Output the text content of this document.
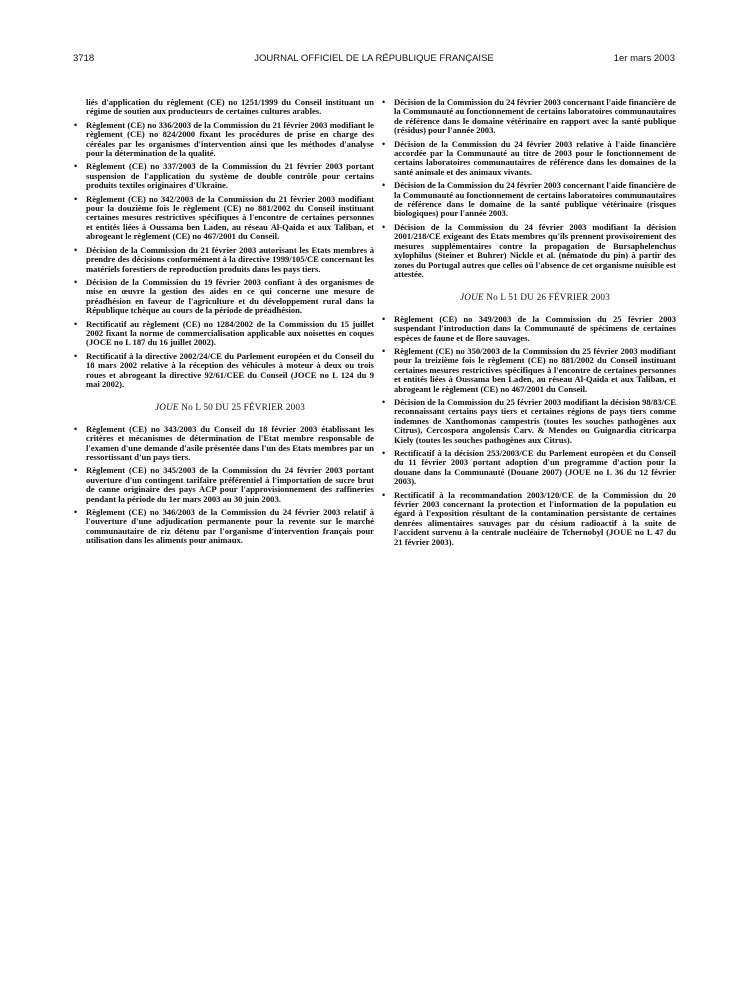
3718	JOURNAL OFFICIEL DE LA RÉPUBLIQUE FRANÇAISE	1er mars 2003

liés d'application du règlement (CE) no 1251/1999 du Conseil instituant un régime de soutien aux producteurs de certaines cultures arables.

• Règlement (CE) no 336/2003 de la Commission du 21 février 2003 modifiant le règlement (CE) no 824/2000 fixant les procédures de prise en charge des céréales par les organismes d'intervention ainsi que les méthodes d'analyse pour la détermination de la qualité.
• Règlement (CE) no 337/2003 de la Commission du 21 février 2003 portant suspension de l'application du système de double contrôle pour certains produits textiles originaires d'Ukraine.
• Règlement (CE) no 342/2003 de la Commission du 21 février 2003 modifiant pour la douzième fois le règlement (CE) no 881/2002 du Conseil instituant certaines mesures restrictives spécifiques à l'encontre de certaines personnes et entités liées à Oussama ben Laden, au réseau Al-Qaida et aux Taliban, et abrogeant le règlement (CE) no 467/2001 du Conseil.
• Décision de la Commission du 21 février 2003 autorisant les Etats membres à prendre des décisions conformément à la directive 1999/105/CE concernant les matériels forestiers de reproduction produits dans les pays tiers.
• Décision de la Commission du 19 février 2003 confiant à des organismes de mise en œuvre la gestion des aides en ce qui concerne une mesure de préadhésion en faveur de l'agriculture et du développement rural dans la République tchèque au cours de la période de préadhésion.
• Rectificatif au règlement (CE) no 1284/2002 de la Commission du 15 juillet 2002 fixant la norme de commercialisation applicable aux noisettes en coques (JOCE no L 187 du 16 juillet 2002).
• Rectificatif à la directive 2002/24/CE du Parlement européen et du Conseil du 18 mars 2002 relative à la réception des véhicules à moteur à deux ou trois roues et abrogeant la directive 92/61/CEE du Conseil (JOCE no L 124 du 9 mai 2002).
JOUE No L 50 DU 25 FÉVRIER 2003
• Règlement (CE) no 343/2003 du Conseil du 18 février 2003 établissant les critères et mécanismes de détermination de l'Etat membre responsable de l'examen d'une demande d'asile présentée dans l'un des Etats membres par un ressortissant d'un pays tiers.
• Règlement (CE) no 345/2003 de la Commission du 24 février 2003 portant ouverture d'un contingent tarifaire préférentiel à l'importation de sucre brut de canne originaire des pays ACP pour l'approvisionnement des raffineries pendant la période du 1er mars 2003 au 30 juin 2003.
• Règlement (CE) no 346/2003 de la Commission du 24 février 2003 relatif à l'ouverture d'une adjudication permanente pour la revente sur le marché communautaire de riz détenu par l'organisme d'intervention français pour utilisation dans les aliments pour animaux.
• Décision de la Commission du 24 février 2003 concernant l'aide financière de la Communauté au fonctionnement de certains laboratoires communautaires de référence dans le domaine vétérinaire en rapport avec la santé publique (résidus) pour l'année 2003.
• Décision de la Commission du 24 février 2003 relative à l'aide financière accordée par la Communauté au titre de 2003 pour le fonctionnement de certains laboratoires communautaires de référence dans les domaines de la santé animale et des animaux vivants.
• Décision de la Commission du 24 février 2003 concernant l'aide financière de la Communauté au fonctionnement de certains laboratoires communautaires de référence dans le domaine de la santé publique vétérinaire (risques biologiques) pour l'année 2003.
• Décision de la Commission du 24 février 2003 modifiant la décision 2001/218/CE exigeant des Etats membres qu'ils prennent provisoirement des mesures supplémentaires contre la propagation de Bursaphelenchus xylophilus (Steiner et Buhrer) Nickle et al. (nématode du pin) à partir des zones du Portugal autres que celles où l'absence de cet organisme nuisible est attestée.
JOUE No L 51 DU 26 FÉVRIER 2003
• Règlement (CE) no 349/2003 de la Commission du 25 février 2003 suspendant l'introduction dans la Communauté de spécimens de certaines espèces de faune et de flore sauvages.
• Règlement (CE) no 350/2003 de la Commission du 25 février 2003 modifiant pour la treizième fois le règlement (CE) no 881/2002 du Conseil instituant certaines mesures restrictives spécifiques à l'encontre de certaines personnes et entités liées à Oussama ben Laden, au réseau Al-Qaida et aux Taliban, et abrogeant le règlement (CE) no 467/2001 du Conseil.
• Décision de la Commission du 25 février 2003 modifiant la décision 98/83/CE reconnaissant certains pays tiers et certaines régions de pays tiers comme indemnes de Xanthomonas campestris (toutes les souches pathogènes aux Citrus), Cercospora angolensis Carv. & Mendes ou Guignardia citricarpa Kiely (toutes les souches pathogènes aux Citrus).
• Rectificatif à la décision 253/2003/CE du Parlement européen et du Conseil du 11 février 2003 portant adoption d'un programme d'action pour la douane dans la Communauté (Douane 2007) (JOUE no L 36 du 12 février 2003).
• Rectificatif à la recommandation 2003/120/CE de la Commission du 20 février 2003 concernant la protection et l'information de la population eu égard à l'exposition résultant de la contamination persistante de certaines denrées alimentaires sauvages par du césium radioactif à la suite de l'accident survenu à la centrale nucléaire de Tchernobyl (JOUE no L 47 du 21 février 2003).
